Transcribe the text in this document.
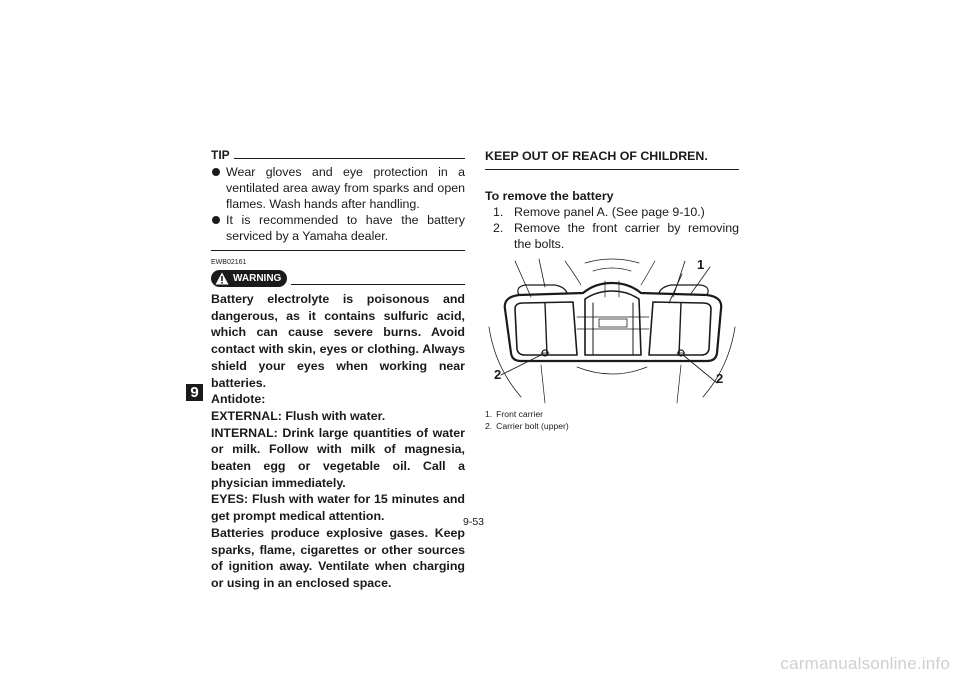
9
TIP
Wear gloves and eye protection in a ventilated area away from sparks and open flames. Wash hands after handling.
It is recommended to have the battery serviced by a Yamaha dealer.
EWB02161
WARNING

Battery electrolyte is poisonous and dangerous, as it contains sulfuric acid, which can cause severe burns. Avoid contact with skin, eyes or clothing. Always shield your eyes when working near batteries.

Antidote:

EXTERNAL: Flush with water.

INTERNAL: Drink large quantities of water or milk. Follow with milk of magnesia, beaten egg or vegetable oil. Call a physician immediately.

EYES: Flush with water for 15 minutes and get prompt medical attention.

Batteries produce explosive gases. Keep sparks, flame, cigarettes or other sources of ignition away. Ventilate when charging or using in an enclosed space.

KEEP OUT OF REACH OF CHILDREN.
To remove the battery
1. Remove panel A. (See page 9-10.)
2. Remove the front carrier by removing the bolts.
1
2	2
1. Front carrier
2. Carrier bolt (upper)
9-53
carmanualsonline.info
